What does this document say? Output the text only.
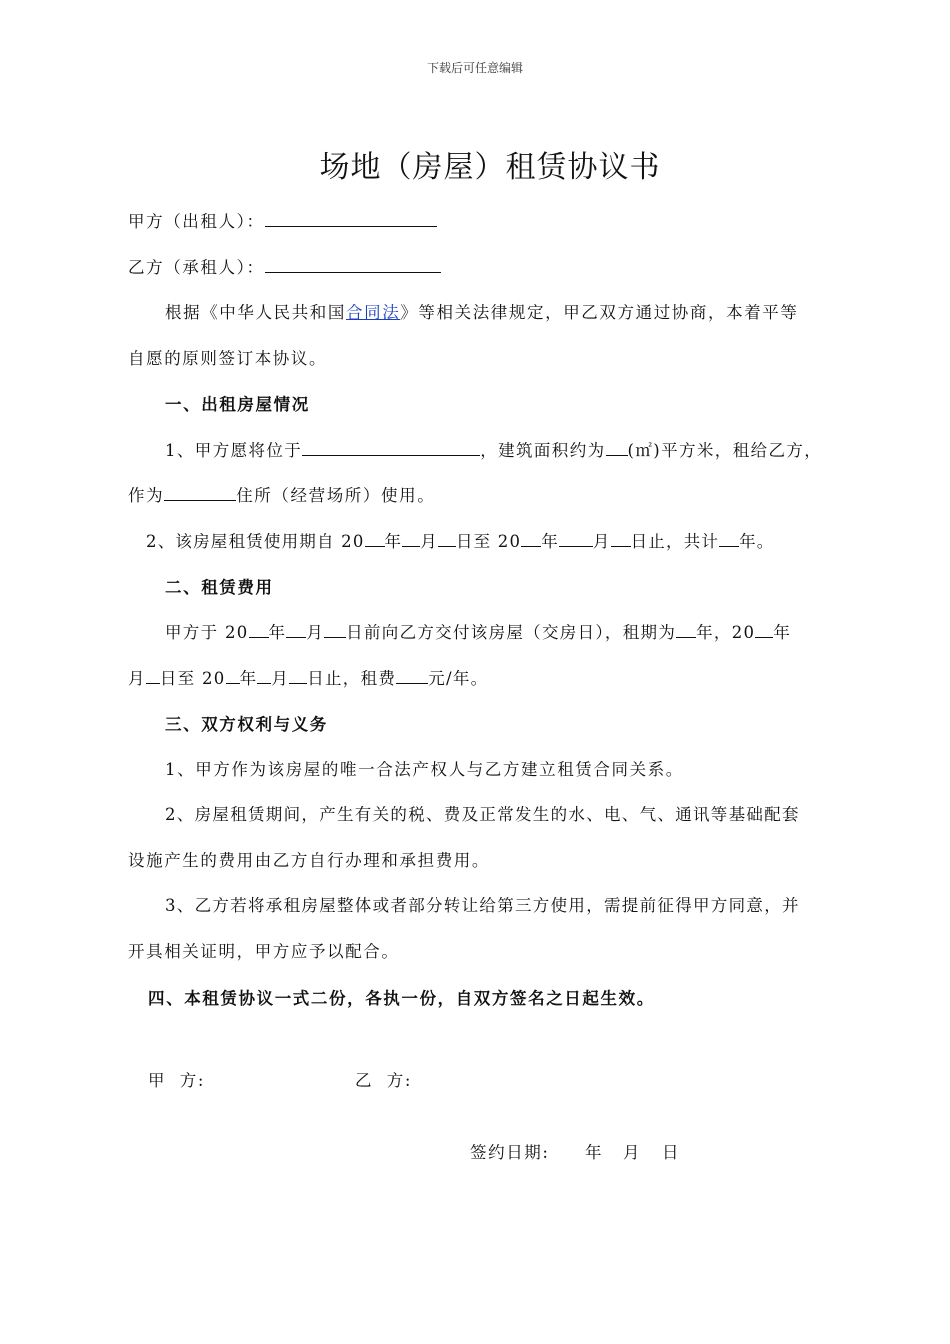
下载后可任意编辑
场地（房屋）租赁协议书
甲方（出租人）：
乙方（承租人）：
根据《中华人民共和国合同法》等相关法律规定，甲乙双方通过协商，本着平等
自愿的原则签订本协议。
一、出租房屋情况
1、甲方愿将位于	，建筑面积约为 (㎡)平方米，租给乙方，
作为	住所（经营场所）使用。
2、该房屋租赁使用期自 20 年 月 日至 20 年 月 日止，共计 年。
二、租赁费用
甲方于 20 年 月 日前向乙方交付该房屋（交房日），租期为 年，20 年
月 日至 20 年 月 日止，租费 元/年。
三、双方权利与义务
1、甲方作为该房屋的唯一合法产权人与乙方建立租赁合同关系。
2、房屋租赁期间，产生有关的税、费及正常发生的水、电、气、通讯等基础配套
设施产生的费用由乙方自行办理和承担费用。
3、乙方若将承租房屋整体或者部分转让给第三方使用，需提前征得甲方同意，并
开具相关证明，甲方应予以配合。
四、本租赁协议一式二份，各执一份，自双方签名之日起生效。
甲  方:	乙  方:
签约日期: 年 月 日
